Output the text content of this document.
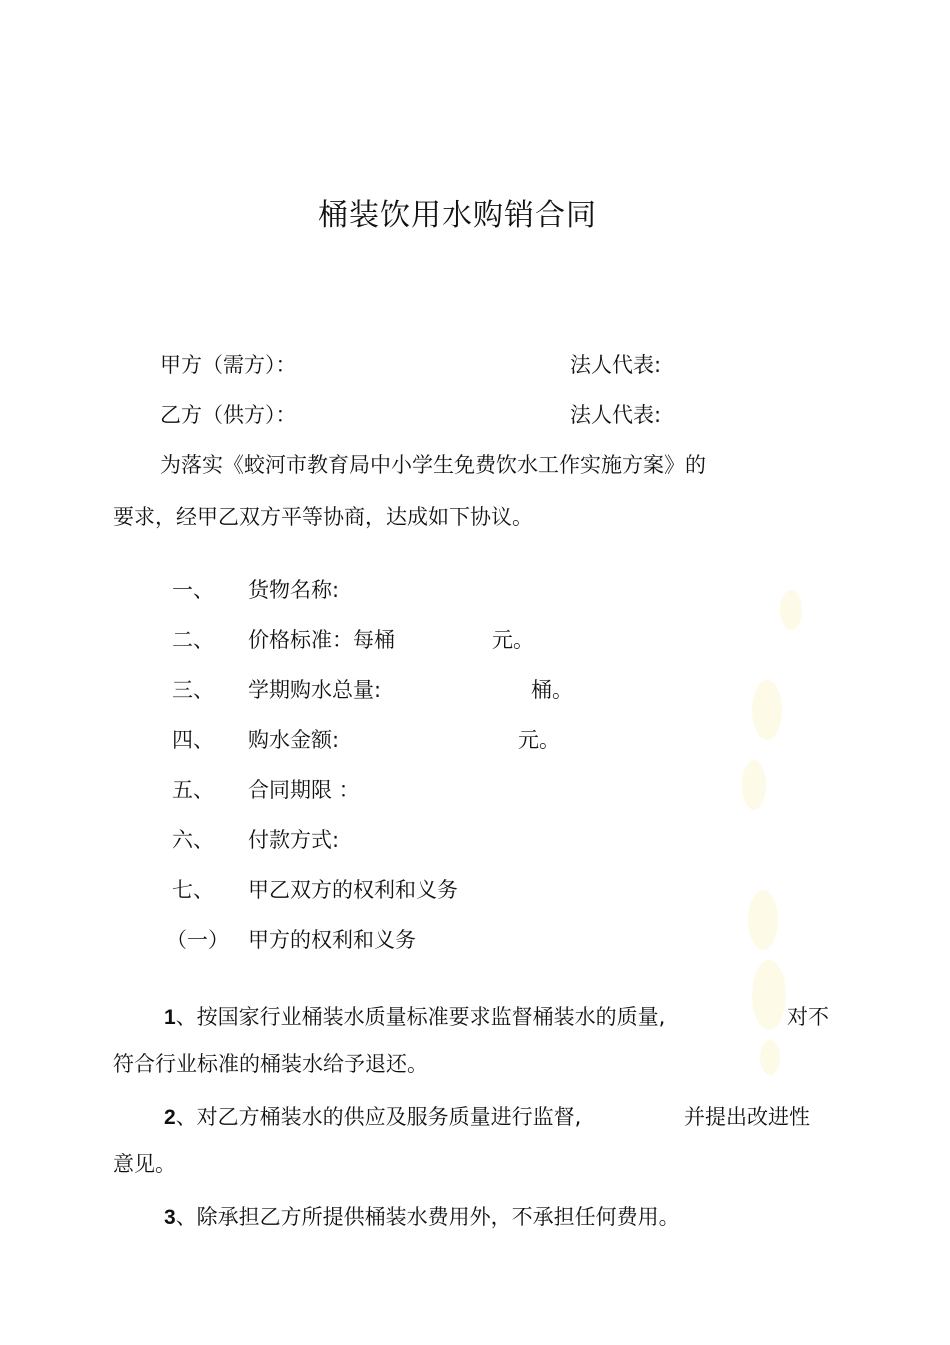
桶装饮用水购销合同
甲方（需方）：	法人代表:
乙方（供方）：	法人代表:
为落实《蛟河市教育局中小学生免费饮水工作实施方案》的
要求，经甲乙双方平等协商，达成如下协议。
一、 货物名称:
二、 价格标准：每桶	元。
三、 学期购水总量:	桶。
四、 购水金额:	元。
五、 合同期限 ：
六、 付款方式:
七、 甲乙双方的权利和义务
（一） 甲方的权利和义务
1、按国家行业桶装水质量标准要求监督桶装水的质量,	对不
符合行业标准的桶装水给予退还。
2、对乙方桶装水的供应及服务质量进行监督,	并提出改进性
意见。
3、除承担乙方所提供桶装水费用外，不承担任何费用。
